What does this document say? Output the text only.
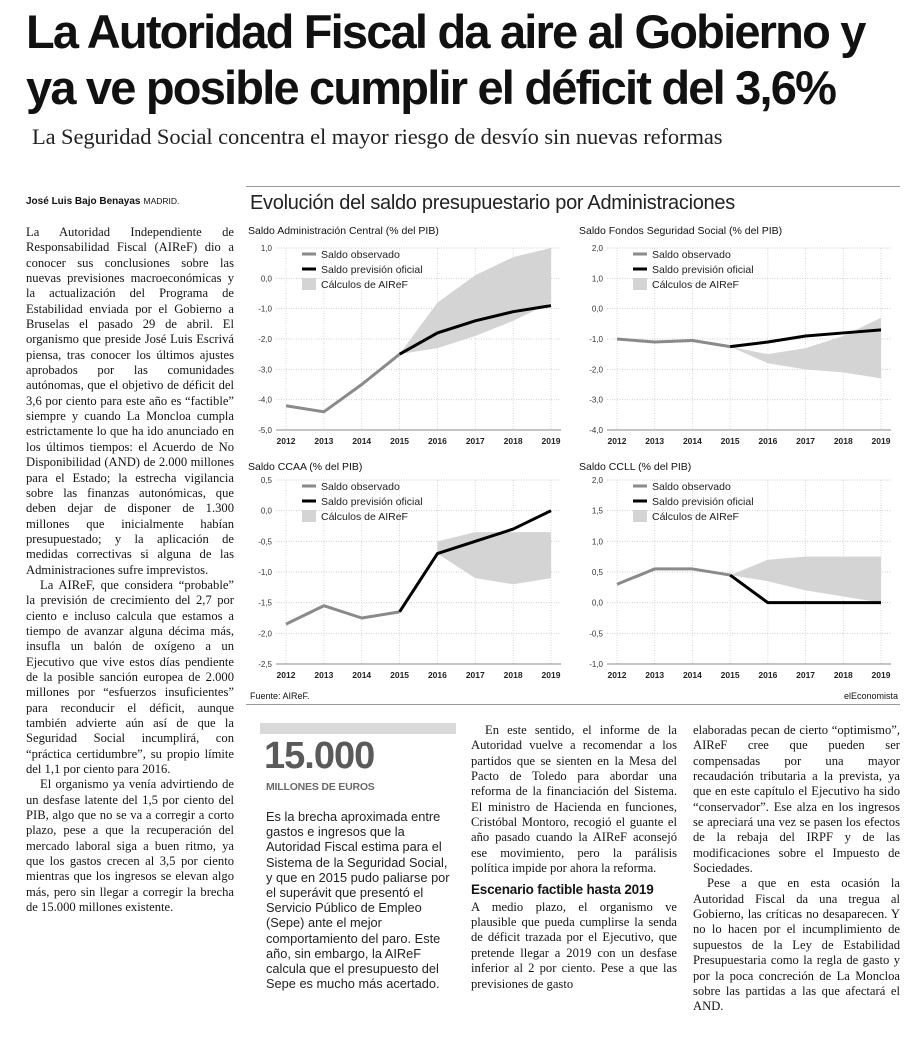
La Autoridad Fiscal da aire al Gobierno y ya ve posible cumplir el déficit del 3,6%
La Seguridad Social concentra el mayor riesgo de desvío sin nuevas reformas
José Luis Bajo Benayas MADRID.

La Autoridad Independiente de Responsabilidad Fiscal (AIReF) dio a conocer sus conclusiones sobre las nuevas previsiones macroeconómicas y la actualización del Programa de Estabilidad enviada por el Gobierno a Bruselas el pasado 29 de abril. El organismo que preside José Luis Escrivá piensa, tras conocer los últimos ajustes aprobados por las comunidades autónomas, que el objetivo de déficit del 3,6 por ciento para este año es “factible” siempre y cuando La Moncloa cumpla estrictamente lo que ha ido anunciado en los últimos tiempos: el Acuerdo de No Disponibilidad (AND) de 2.000 millones para el Estado; la estrecha vigilancia sobre las finanzas autonómicas, que deben dejar de disponer de 1.300 millones que inicialmente habían presupuestado; y la aplicación de medidas correctivas si alguna de las Administraciones sufre imprevistos.

La AIReF, que considera “probable” la previsión de crecimiento del 2,7 por ciento e incluso calcula que estamos a tiempo de avanzar alguna décima más, insufla un balón de oxígeno a un Ejecutivo que vive estos días pendiente de la posible sanción europea de 2.000 millones por “esfuerzos insuficientes” para reconducir el déficit, aunque también advierte aún así de que la Seguridad Social incumplirá, con “práctica certidumbre”, su propio límite del 1,1 por ciento para 2016.

El organismo ya venía advirtiendo de un desfase latente del 1,5 por ciento del PIB, algo que no se va a corregir a corto plazo, pese a que la recuperación del mercado laboral siga a buen ritmo, ya que los gastos crecen al 3,5 por ciento mientras que los ingresos se elevan algo más, pero sin llegar a corregir la brecha de 15.000 millones existente.

Saldo Administración Central (% del PIB)
-5,0
-4,0
-3,0
-2,0
-1,0
0,0
1,0
2012 2013 2014 2015 2016 2017 2018 2019
Saldo observado
Saldo previsión oficial
Cálculos de AIReF
Saldo Fondos Seguridad Social (% del PIB)
-4,0
-3,0
-2,0
-1,0
0,0
1,0
2,0
2012 2013 2014 2015 2016 2017 2018 2019
Saldo observado
Saldo previsión oficial
Cálculos de AIReF
Saldo CCAA (% del PIB)
-2,5
-2,0
-1,5
-1,0
-0,5
0,0
0,5
2012 2013 2014 2015 2016 2017 2018 2019
Saldo observado
Saldo previsión oficial
Cálculos de AIReF
Saldo CCLL (% del PIB)
-1,0
-0,5
0,0
0,5
1,0
1,5
2,0
2012 2013 2014 2015 2016 2017 2018 2019
Saldo observado
Saldo previsión oficial
Cálculos de AIReF
Evolución del saldo presupuestario por Administraciones
Fuente: AIReF.	elEconomista
15.000
MILLONES DE EUROS
Es la brecha aproximada entre gastos e ingresos que la Autoridad Fiscal estima para el Sistema de la Seguridad Social, y que en 2015 pudo paliarse por el superávit que presentó el Servicio Público de Empleo (Sepe) ante el mejor comportamiento del paro. Este año, sin embargo, la AIReF calcula que el presupuesto del Sepe es mucho más acertado.

En este sentido, el informe de la Autoridad vuelve a recomendar a los partidos que se sienten en la Mesa del Pacto de Toledo para abordar una reforma de la financiación del Sistema. El ministro de Hacienda en funciones, Cristóbal Montoro, recogió el guante el año pasado cuando la AIReF aconsejó ese movimiento, pero la parálisis política impide por ahora la reforma.

Escenario factible hasta 2019

A medio plazo, el organismo ve plausible que pueda cumplirse la senda de déficit trazada por el Ejecutivo, que pretende llegar a 2019 con un desfase inferior al 2 por ciento. Pese a que las previsiones de gasto

elaboradas pecan de cierto “optimismo”, AIReF cree que pueden ser compensadas por una mayor recaudación tributaria a la prevista, ya que en este capítulo el Ejecutivo ha sido “conservador”. Ese alza en los ingresos se apreciará una vez se pasen los efectos de la rebaja del IRPF y de las modificaciones sobre el Impuesto de Sociedades.

Pese a que en esta ocasión la Autoridad Fiscal da una tregua al Gobierno, las críticas no desaparecen. Y no lo hacen por el incumplimiento de supuestos de la Ley de Estabilidad Presupuestaria como la regla de gasto y por la poca concreción de La Moncloa sobre las partidas a las que afectará el AND.
